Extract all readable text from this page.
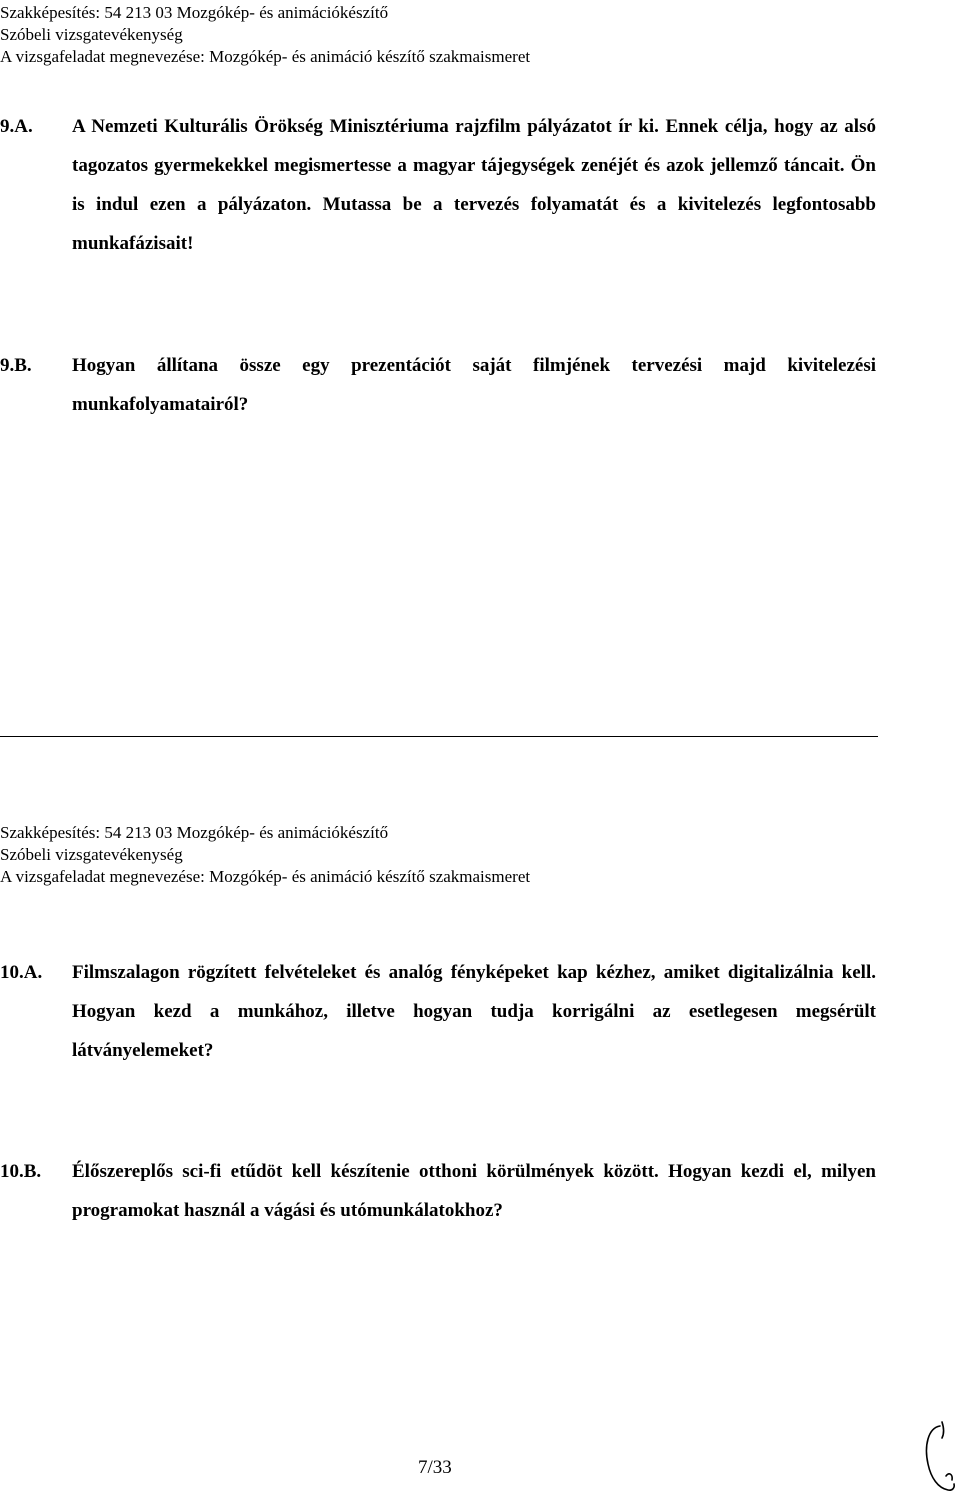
Szakképesítés: 54 213 03 Mozgókép- és animációkészítő
Szóbeli vizsgatevékenység
A vizsgafeladat megnevezése: Mozgókép- és animáció készítő szakmaismeret
9.A. A Nemzeti Kulturális Örökség Minisztériuma rajzfilm pályázatot ír ki. Ennek célja, hogy az alsó tagozatos gyermekekkel megismertesse a magyar tájegységek zenéjét és azok jellemző táncait. Ön is indul ezen a pályázaton. Mutassa be a tervezés folyamatát és a kivitelezés legfontosabb munkafázisait!
9.B. Hogyan állítana össze egy prezentációt saját filmjének tervezési majd kivitelezési munkafolyamatairól?
Szakképesítés: 54 213 03 Mozgókép- és animációkészítő
Szóbeli vizsgatevékenység
A vizsgafeladat megnevezése: Mozgókép- és animáció készítő szakmaismeret
10.A. Filmszalagon rögzített felvételeket és analóg fényképeket kap kézhez, amiket digitalizálnia kell. Hogyan kezd a munkához, illetve hogyan tudja korrigálni az esetlegesen megsérült látványelemeket?
10.B. Élőszereplős sci-fi etűdöt kell készítenie otthoni körülmények között. Hogyan kezdi el, milyen programokat használ a vágási és utómunkálatokhoz?
7/33
